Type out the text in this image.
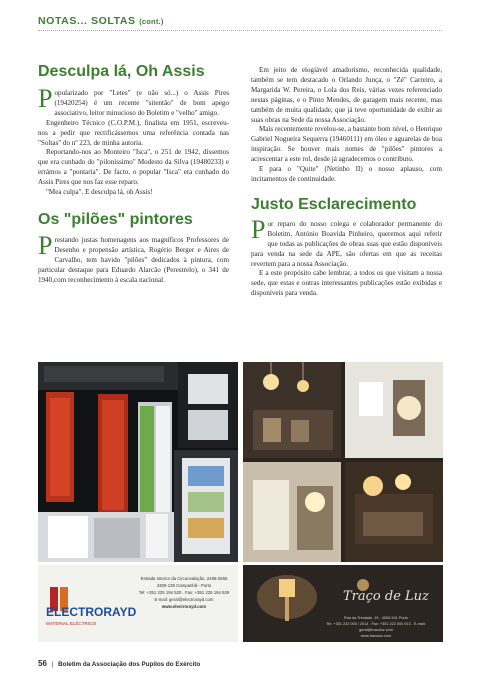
NOTAS... SOLTAS (cont.)
Desculpa lá, Oh Assis

P opularizado por "Letes" (e não só...) o Assis Pires (19420254) é um recente "sitentão" de bom apego associativo, leitor minucioso do Boletim e "velho" amigo.

Engenheiro Técnico (C.O.P.M.), finalista em 1951, escreveu-nos a pedir que rectificássemos uma referência contada nas "Soltas" do nº 223, de minha autoria.

Reportando-nos ao Monteiro "Isca", o 251 de 1942, dissemos que era cunhado do "pilonissimo" Modesto da Silva (19480233) e errámos a "pontaria". De facto, o popular "Isca" era cunhado do Assis Pires que nos faz esse reparo.

"Mea culpa". E desculpa lá, oh Assis!

Os "pilões" pintores

P restando justas homenagens aos magníficos Professores de Desenho e propensão artística, Rogério Berger e Aires de Carvalho, tem havido "pilões" dedicados à pintura, com particular destaque para Eduardo Alarcão (Perestrelo), o 341 de 1940,com reconhecimento à escala nacional.

Em jeito de elogiável amadorismo, reconhecida qualidade, também se tem destacado o Orlando Junça, o "Zé" Carreiro, a Margarida W. Pereira, o Lola dos Reis, várias vezes referenciado nestas páginas, e o Pinto Mendes, de garagem mais recente, mas também de muita qualidade, que já teve oportunidade de exibir as suas obras na Sede da nossa Associação.

Mais recentemente revelou-se, a bastante bom nível, o Henrique Gabriel Nogueira Sequerra (19460111) em óleo e aguarelas de boa inspiração. Se houver mais nomes de "pilões" pintores a acrescentar a este rol, desde já agradecemos o contributo.

E para o "Quite" (Netinho II) o nosso aplauso, com incitamentos de continuidade.

Justo Esclarecimento

P or reparo do nosso colega e colaborador permanente do Boletim, António Boavida Pinheiro, queremos aqui referir que todas as publicações de obras suas que estão disponíveis para venda na sede da APE, são ofertas em que as receitas revertem para a nossa Associação.

E a este propósito cabe lembrar, a todos os que visitam a nossa sede, que estas e outras interessantes publicações estão exibidas e disponíveis para venda.

ELECTRORAYD
MATERIAL ELÉCTRICO
Estrada Interior da Circunvalação, 2489-2555
4300-139 Campanhã - Porto
Tel: +351 225 194 520 . Fax: +351 225 194 529
E-mail: geral@electrorayd.com
www.electrorayd.com
Traço de Luz
Rua da Trindade, 19 - 4000-541 Porto
Tel: +351 222 005 / 2014 . Fax: +351 222 000 013 . E-mail: geral@tracoluz.com
www.tracoluz.com
56 | Boletim da Associação dos Pupilos do Exército
